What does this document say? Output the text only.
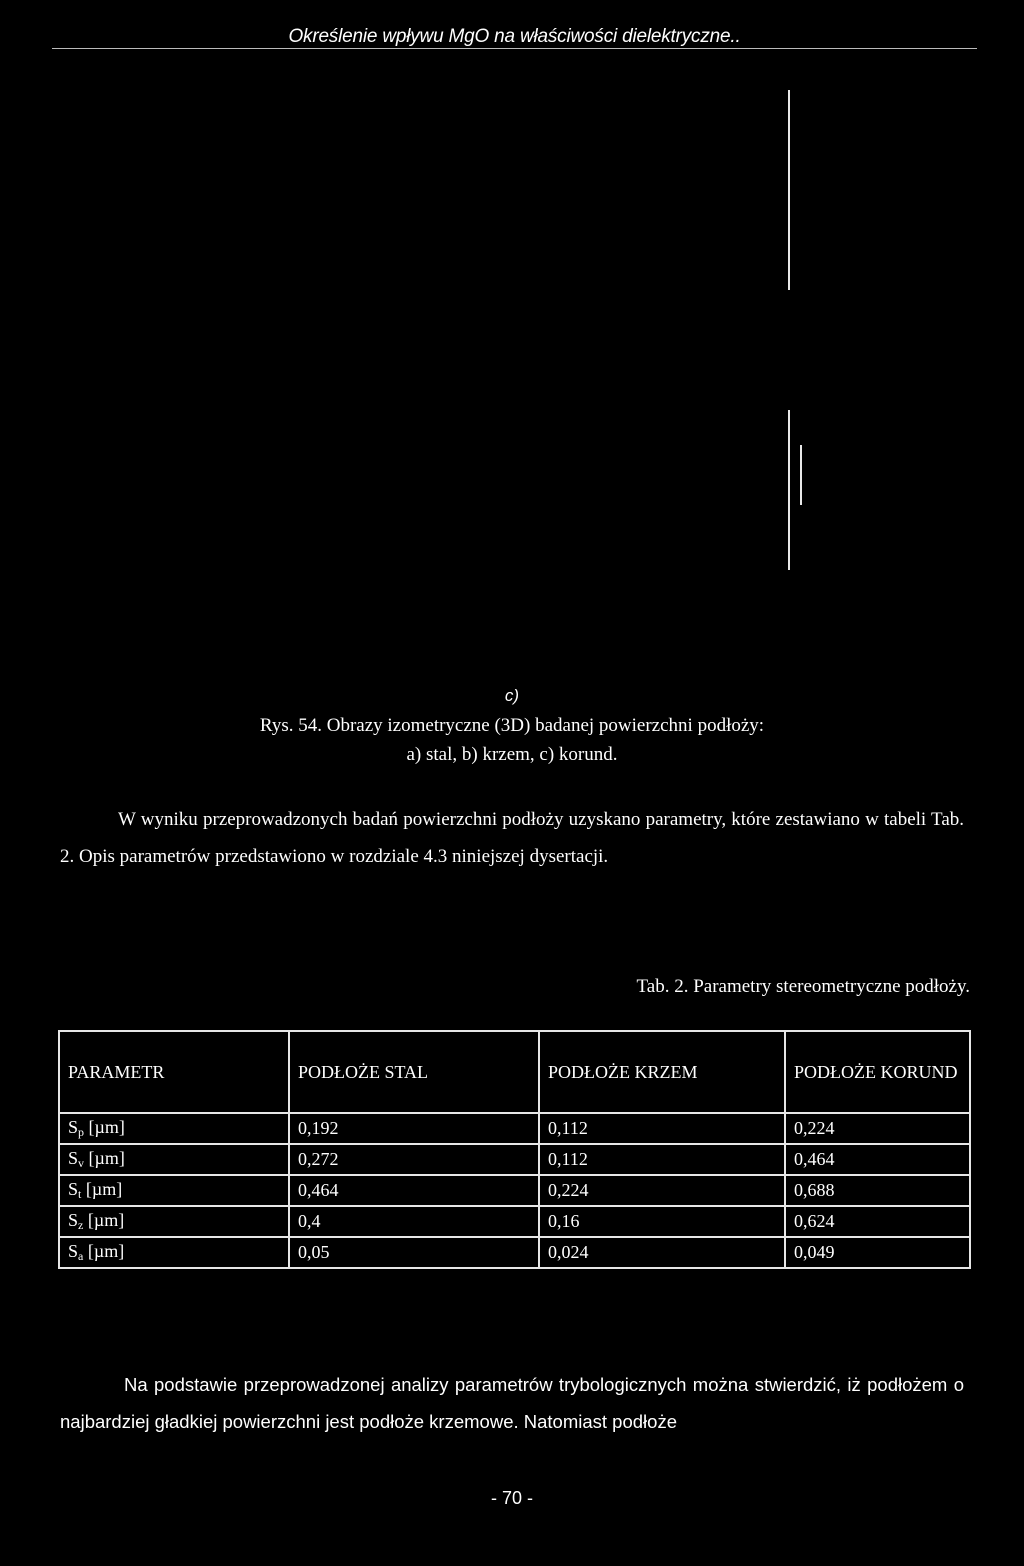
Określenie wpływu MgO na właściwości dielektryczne..
c)
Rys. 54. Obrazy izometryczne (3D) badanej powierzchni podłoży:
a) stal, b) krzem, c) korund.
W wyniku przeprowadzonych badań powierzchni podłoży uzyskano parametry, które zestawiano w tabeli Tab. 2. Opis parametrów przedstawiono w rozdziale 4.3 niniejszej dysertacji.
Tab. 2. Parametry stereometryczne podłoży.
PARAMETR	PODŁOŻE STAL	PODŁOŻE KRZEM	PODŁOŻE KORUND
$S_p$ [µm]	0,192	0,112	0,224
$S_v$ [µm]	0,272	0,112	0,464
$S_t$ [µm]	0,464	0,224	0,688
$S_z$ [µm]	0,4	0,16	0,624
$S_a$ [µm]	0,05	0,024	0,049
Na podstawie przeprowadzonej analizy parametrów trybologicznych można stwierdzić, iż podłożem o najbardziej gładkiej powierzchni jest podłoże krzemowe. Natomiast podłoże
- 70 -
